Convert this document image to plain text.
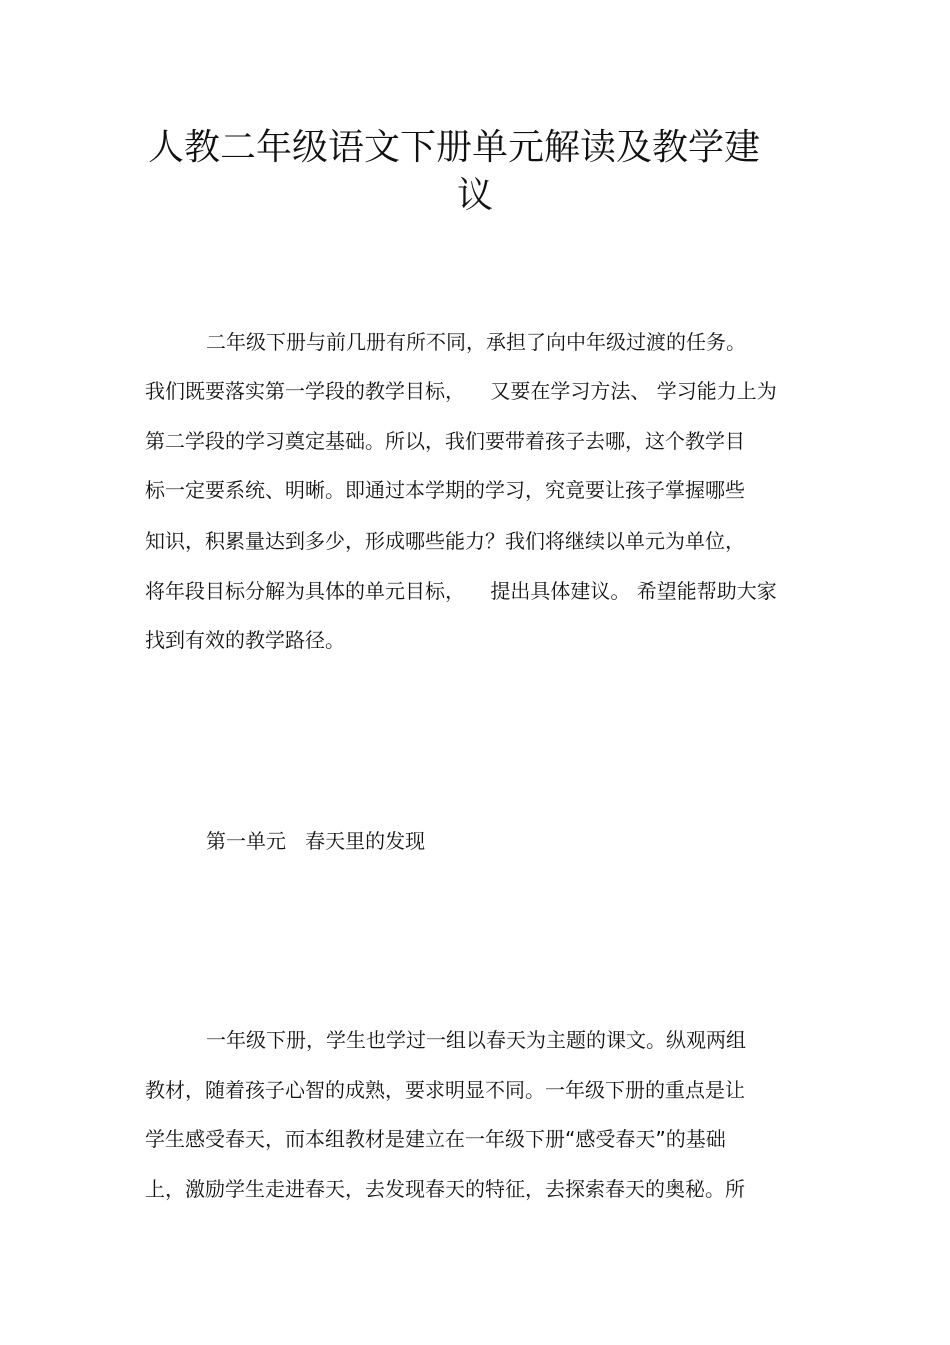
人教二年级语文下册单元解读及教学建
议
二年级下册与前几册有所不同，承担了向中年级过渡的任务。
我们既要落实第一学段的教学目标，    又要在学习方法、 学习能力上为
第二学段的学习奠定基础。所以，我们要带着孩子去哪，这个教学目
标一定要系统、明晰。即通过本学期的学习，究竟要让孩子掌握哪些
知识，积累量达到多少，形成哪些能力？我们将继续以单元为单位，
将年段目标分解为具体的单元目标，    提出具体建议。 希望能帮助大家
找到有效的教学路径。
第一单元   春天里的发现
一年级下册，学生也学过一组以春天为主题的课文。纵观两组
教材，随着孩子心智的成熟，要求明显不同。一年级下册的重点是让
学生感受春天，而本组教材是建立在一年级下册“感受春天”的基础
上，激励学生走进春天，去发现春天的特征，去探索春天的奥秘。所
